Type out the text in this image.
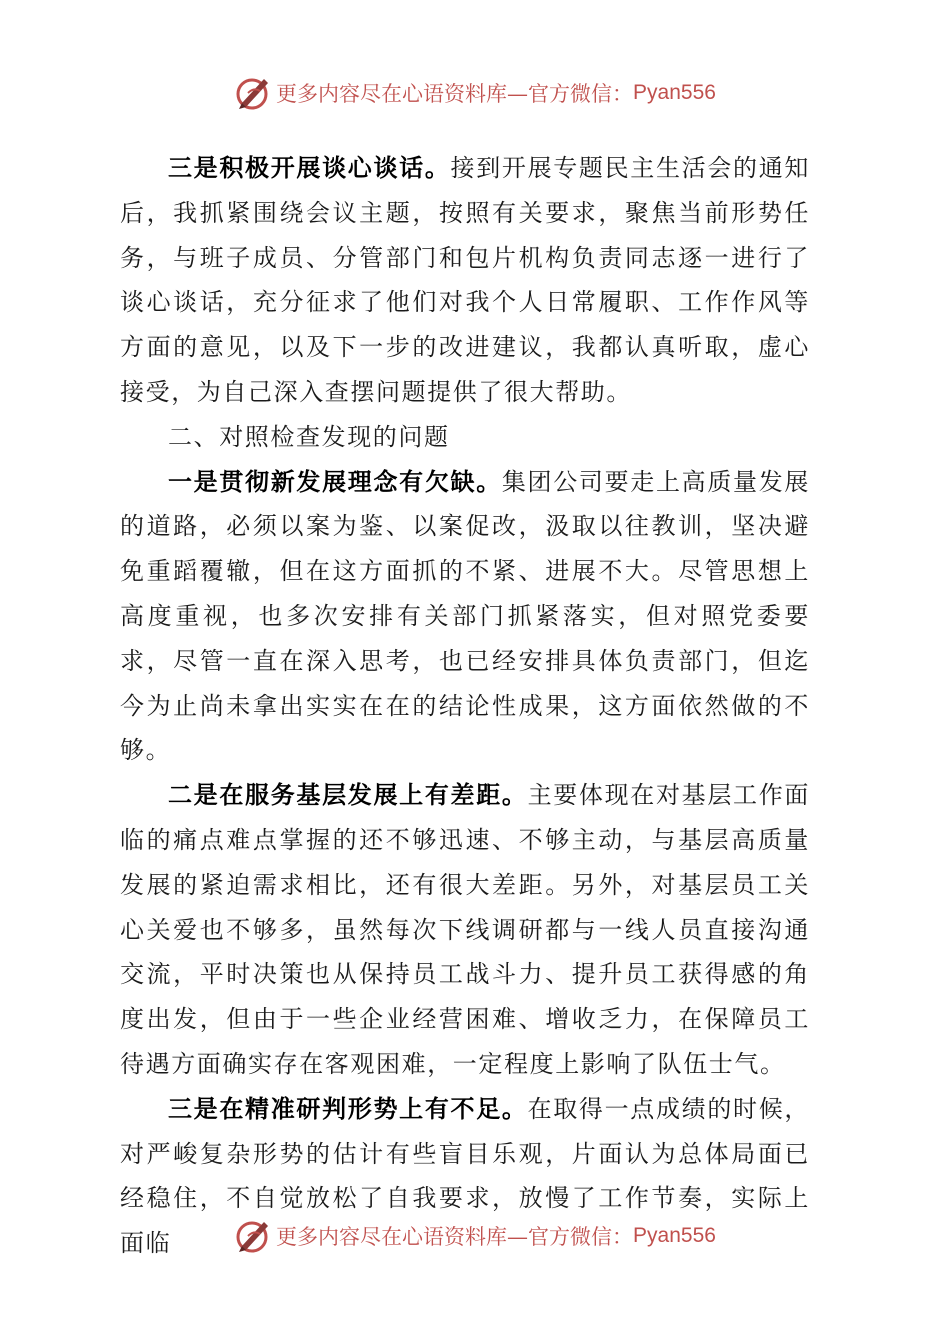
更多内容尽在心语资料库—官方微信： Pyan556

三是积极开展谈心谈话。接到开展专题民主生活会的通知后，我抓紧围绕会议主题，按照有关要求，聚焦当前形势任务，与班子成员、分管部门和包片机构负责同志逐一进行了谈心谈话，充分征求了他们对我个人日常履职、工作作风等方面的意见，以及下一步的改进建议，我都认真听取，虚心接受，为自己深入查摆问题提供了很大帮助。

二、对照检查发现的问题

一是贯彻新发展理念有欠缺。集团公司要走上高质量发展的道路，必须以案为鉴、以案促改，汲取以往教训，坚决避免重蹈覆辙，但在这方面抓的不紧、进展不大。尽管思想上高度重视，也多次安排有关部门抓紧落实，但对照党委要求，尽管一直在深入思考，也已经安排具体负责部门，但迄今为止尚未拿出实实在在的结论性成果，这方面依然做的不够。

二是在服务基层发展上有差距。主要体现在对基层工作面临的痛点难点掌握的还不够迅速、不够主动，与基层高质量发展的紧迫需求相比，还有很大差距。另外，对基层员工关心关爱也不够多，虽然每次下线调研都与一线人员直接沟通交流，平时决策也从保持员工战斗力、提升员工获得感的角度出发，但由于一些企业经营困难、增收乏力，在保障员工待遇方面确实存在客观困难，一定程度上影响了队伍士气。

三是在精准研判形势上有不足。在取得一点成绩的时候，对严峻复杂形势的估计有些盲目乐观，片面认为总体局面已经稳住，不自觉放松了自我要求，放慢了工作节奏，实际上面临	更多内容尽在心语资料库—官方微信： Pyan556
